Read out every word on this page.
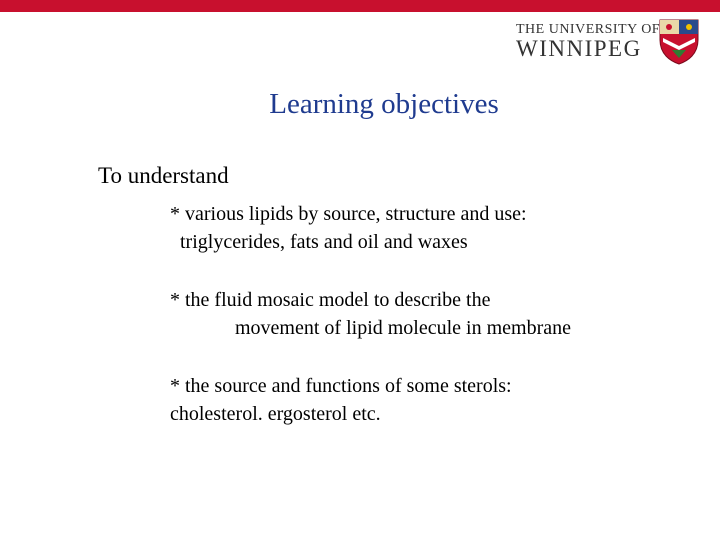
THE UNIVERSITY OF
WINNIPEG
Learning objectives
To understand
* various lipids by source, structure and use:
triglycerides, fats and oil and waxes
* the fluid mosaic model to describe the
movement of lipid molecule in membrane
* the source and functions of some sterols:
cholesterol. ergosterol etc.
